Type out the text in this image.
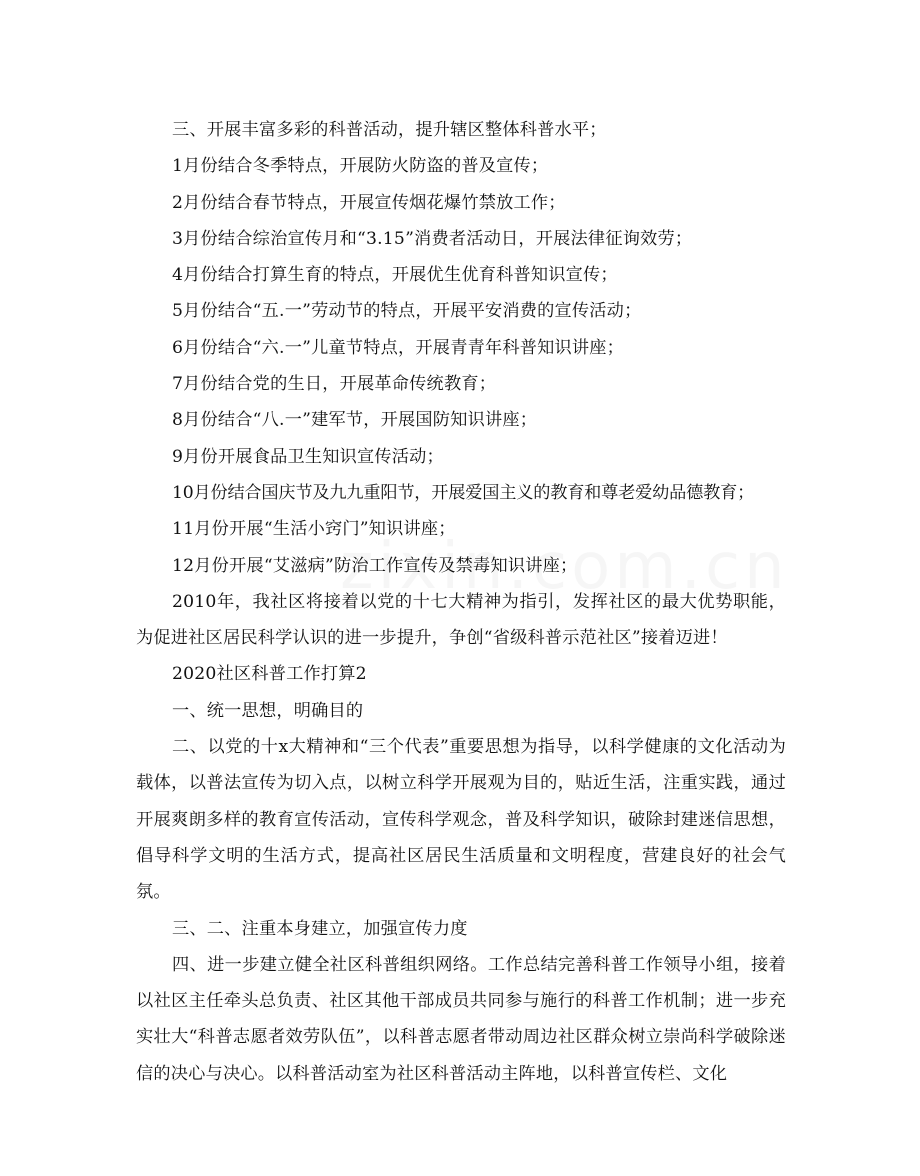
三、开展丰富多彩的科普活动，提升辖区整体科普水平；

1月份结合冬季特点，开展防火防盗的普及宣传；

2月份结合春节特点，开展宣传烟花爆竹禁放工作；

3月份结合综治宣传月和“3.15”消费者活动日，开展法律征询效劳；

4月份结合打算生育的特点，开展优生优育科普知识宣传；

5月份结合“五.一”劳动节的特点，开展平安消费的宣传活动；

6月份结合“六.一”儿童节特点，开展青青年科普知识讲座；

7月份结合党的生日，开展革命传统教育；

8月份结合“八.一”建军节，开展国防知识讲座；

9月份开展食品卫生知识宣传活动；

10月份结合国庆节及九九重阳节，开展爱国主义的教育和尊老爱幼品德教育；

11月份开展“生活小窍门”知识讲座；

12月份开展“艾滋病”防治工作宣传及禁毒知识讲座；

2010年，我社区将接着以党的十七大精神为指引，发挥社区的最大优势职能，为促进社区居民科学认识的进一步提升，争创“省级科普示范社区”接着迈进！

2020社区科普工作打算2

一、统一思想，明确目的

二、以党的十x大精神和“三个代表”重要思想为指导，以科学健康的文化活动为载体，以普法宣传为切入点，以树立科学开展观为目的，贴近生活，注重实践，通过开展爽朗多样的教育宣传活动，宣传科学观念，普及科学知识，破除封建迷信思想，倡导科学文明的生活方式，提高社区居民生活质量和文明程度，营建良好的社会气氛。

三、二、注重本身建立，加强宣传力度

四、进一步建立健全社区科普组织网络。工作总结完善科普工作领导小组，接着以社区主任牵头总负责、社区其他干部成员共同参与施行的科普工作机制；进一步充实壮大“科普志愿者效劳队伍”，以科普志愿者带动周边社区群众树立崇尚科学破除迷信的决心与决心。以科普活动室为社区科普活动主阵地，以科普宣传栏、文化
